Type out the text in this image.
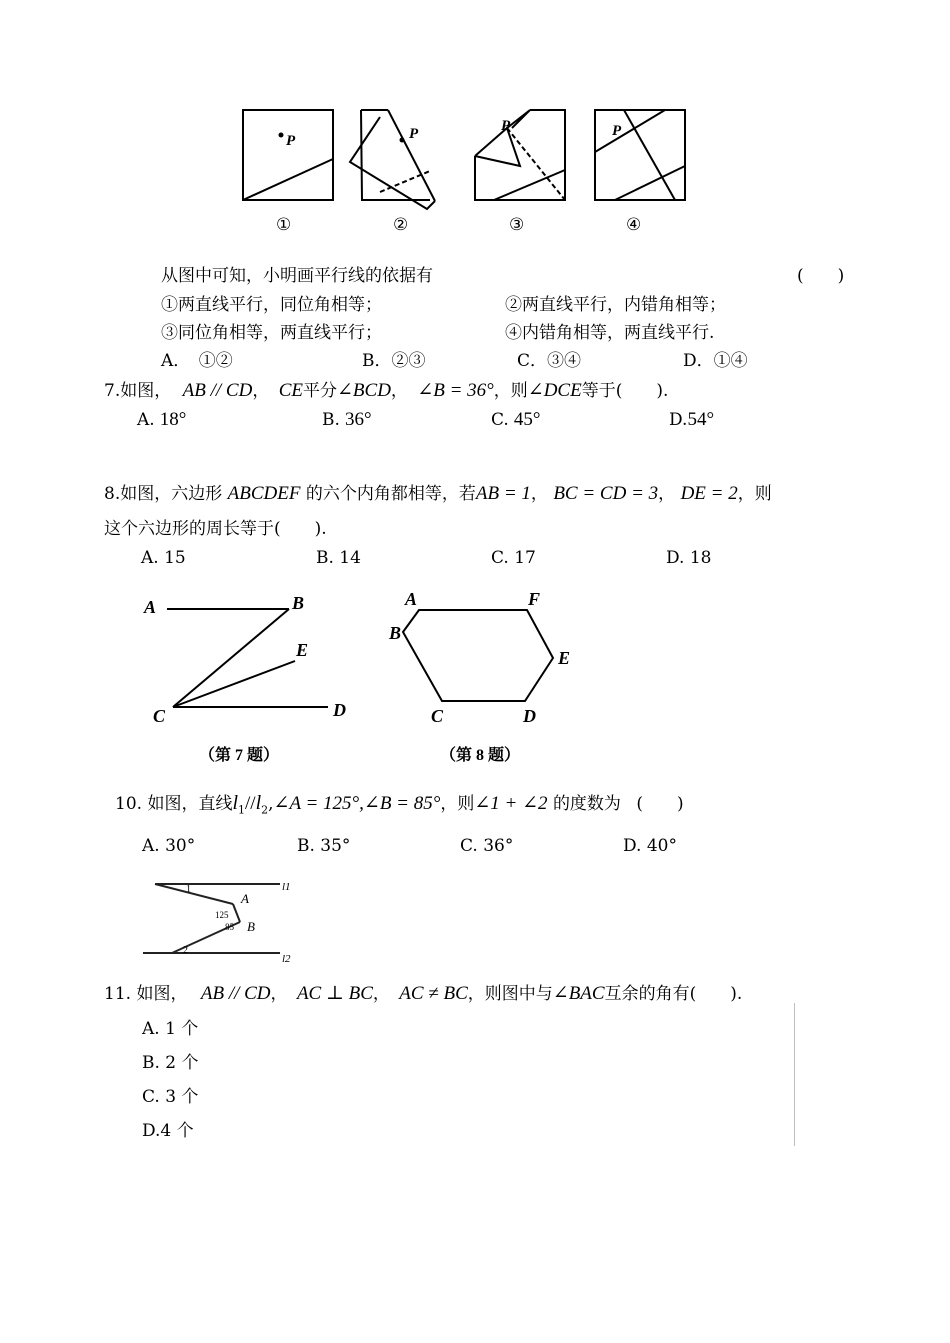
P	P	P	P
①	②	③	④
从图中可知，小明画平行线的依据有	(　　)
①两直线平行，同位角相等；	②两直线平行，内错角相等；
③同位角相等，两直线平行；	④内错角相等，两直线平行.
A．　①②	B．②③	C．③④	D．①④
7.如图， AB // CD， CE平分∠BCD， ∠B = 36°，则∠DCE等于(　　).
A. 18°	B. 36°	C. 45°	D.54°
8.如图，六边形 ABCDEF 的六个内角都相等，若AB = 1， BC = CD = 3， DE = 2，则
这个六边形的周长等于(　　).
A. 15	B. 14	C. 17	D. 18
A	B
E
C	D
（第 7 题）
A	F
B
E
C	D
（第 8 题）
10. 如图，直线$l_1//l_2,\angle A$ = 125°,∠B = 85°，则∠1 + ∠2 的度数为 (　　)
A. 30°	B. 35°	C. 36°	D. 40°
l1
l2
A
B
125
85
1
2
11. 如图， AB // CD， AC ⊥ BC， AC ≠ BC，则图中与∠BAC互余的角有(　　).
A. 1 个
B. 2 个
C. 3 个
D.4 个
